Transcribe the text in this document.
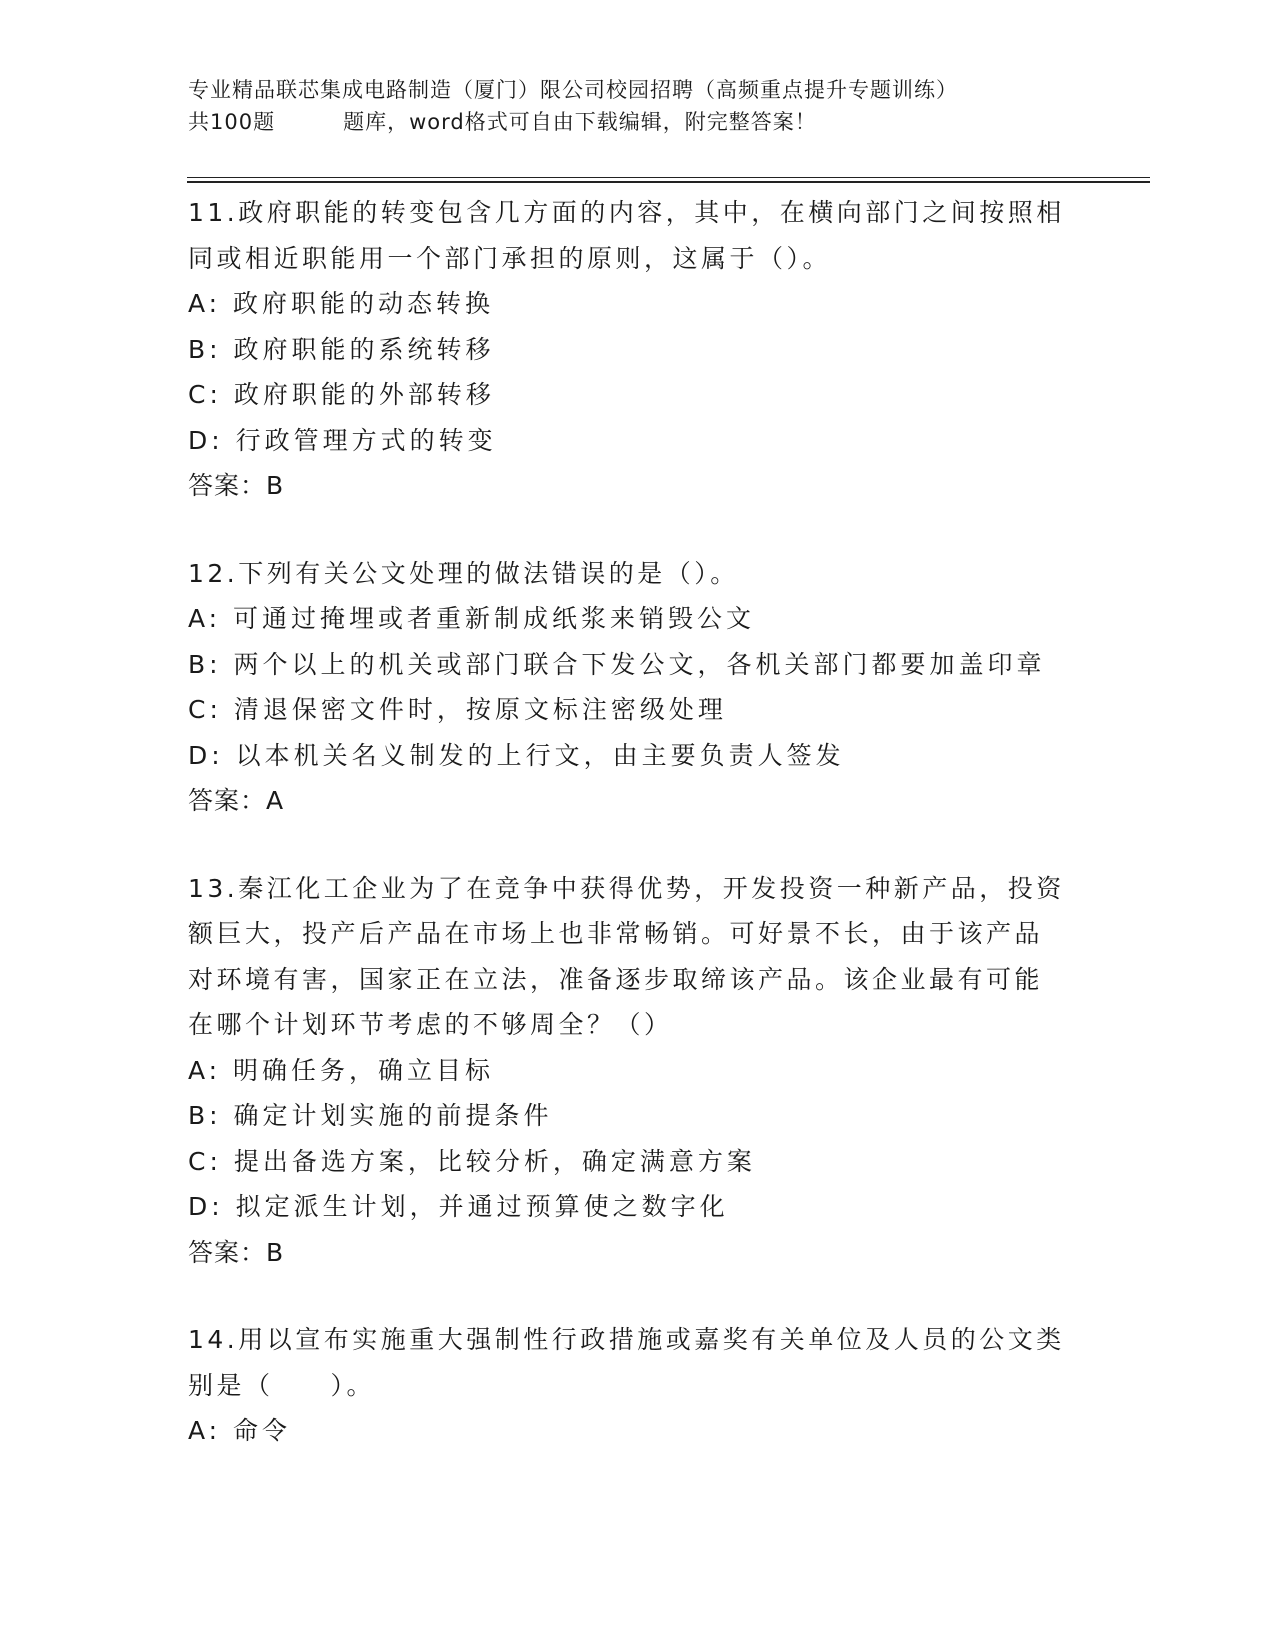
专业精品联芯集成电路制造（厦门）限公司校园招聘（高频重点提升专题训练）
共100题	题库，word格式可自由下载编辑，附完整答案！
11.政府职能的转变包含几方面的内容，其中，在横向部门之间按照相
同或相近职能用一个部门承担的原则，这属于（）。
A: 政府职能的动态转换
B: 政府职能的系统转移
C: 政府职能的外部转移
D: 行政管理方式的转变
答案：B
12.下列有关公文处理的做法错误的是（）。
A: 可通过掩埋或者重新制成纸浆来销毁公文
B: 两个以上的机关或部门联合下发公文，各机关部门都要加盖印章
C: 清退保密文件时，按原文标注密级处理
D: 以本机关名义制发的上行文，由主要负责人签发
答案：A
13.秦江化工企业为了在竞争中获得优势，开发投资一种新产品，投资
额巨大，投产后产品在市场上也非常畅销。可好景不长，由于该产品
对环境有害，国家正在立法，准备逐步取缔该产品。该企业最有可能
在哪个计划环节考虑的不够周全？（）
A: 明确任务，确立目标
B: 确定计划实施的前提条件
C: 提出备选方案，比较分析，确定满意方案
D: 拟定派生计划，并通过预算使之数字化
答案：B
14.用以宣布实施重大强制性行政措施或嘉奖有关单位及人员的公文类
别是（　　）。
A: 命令
